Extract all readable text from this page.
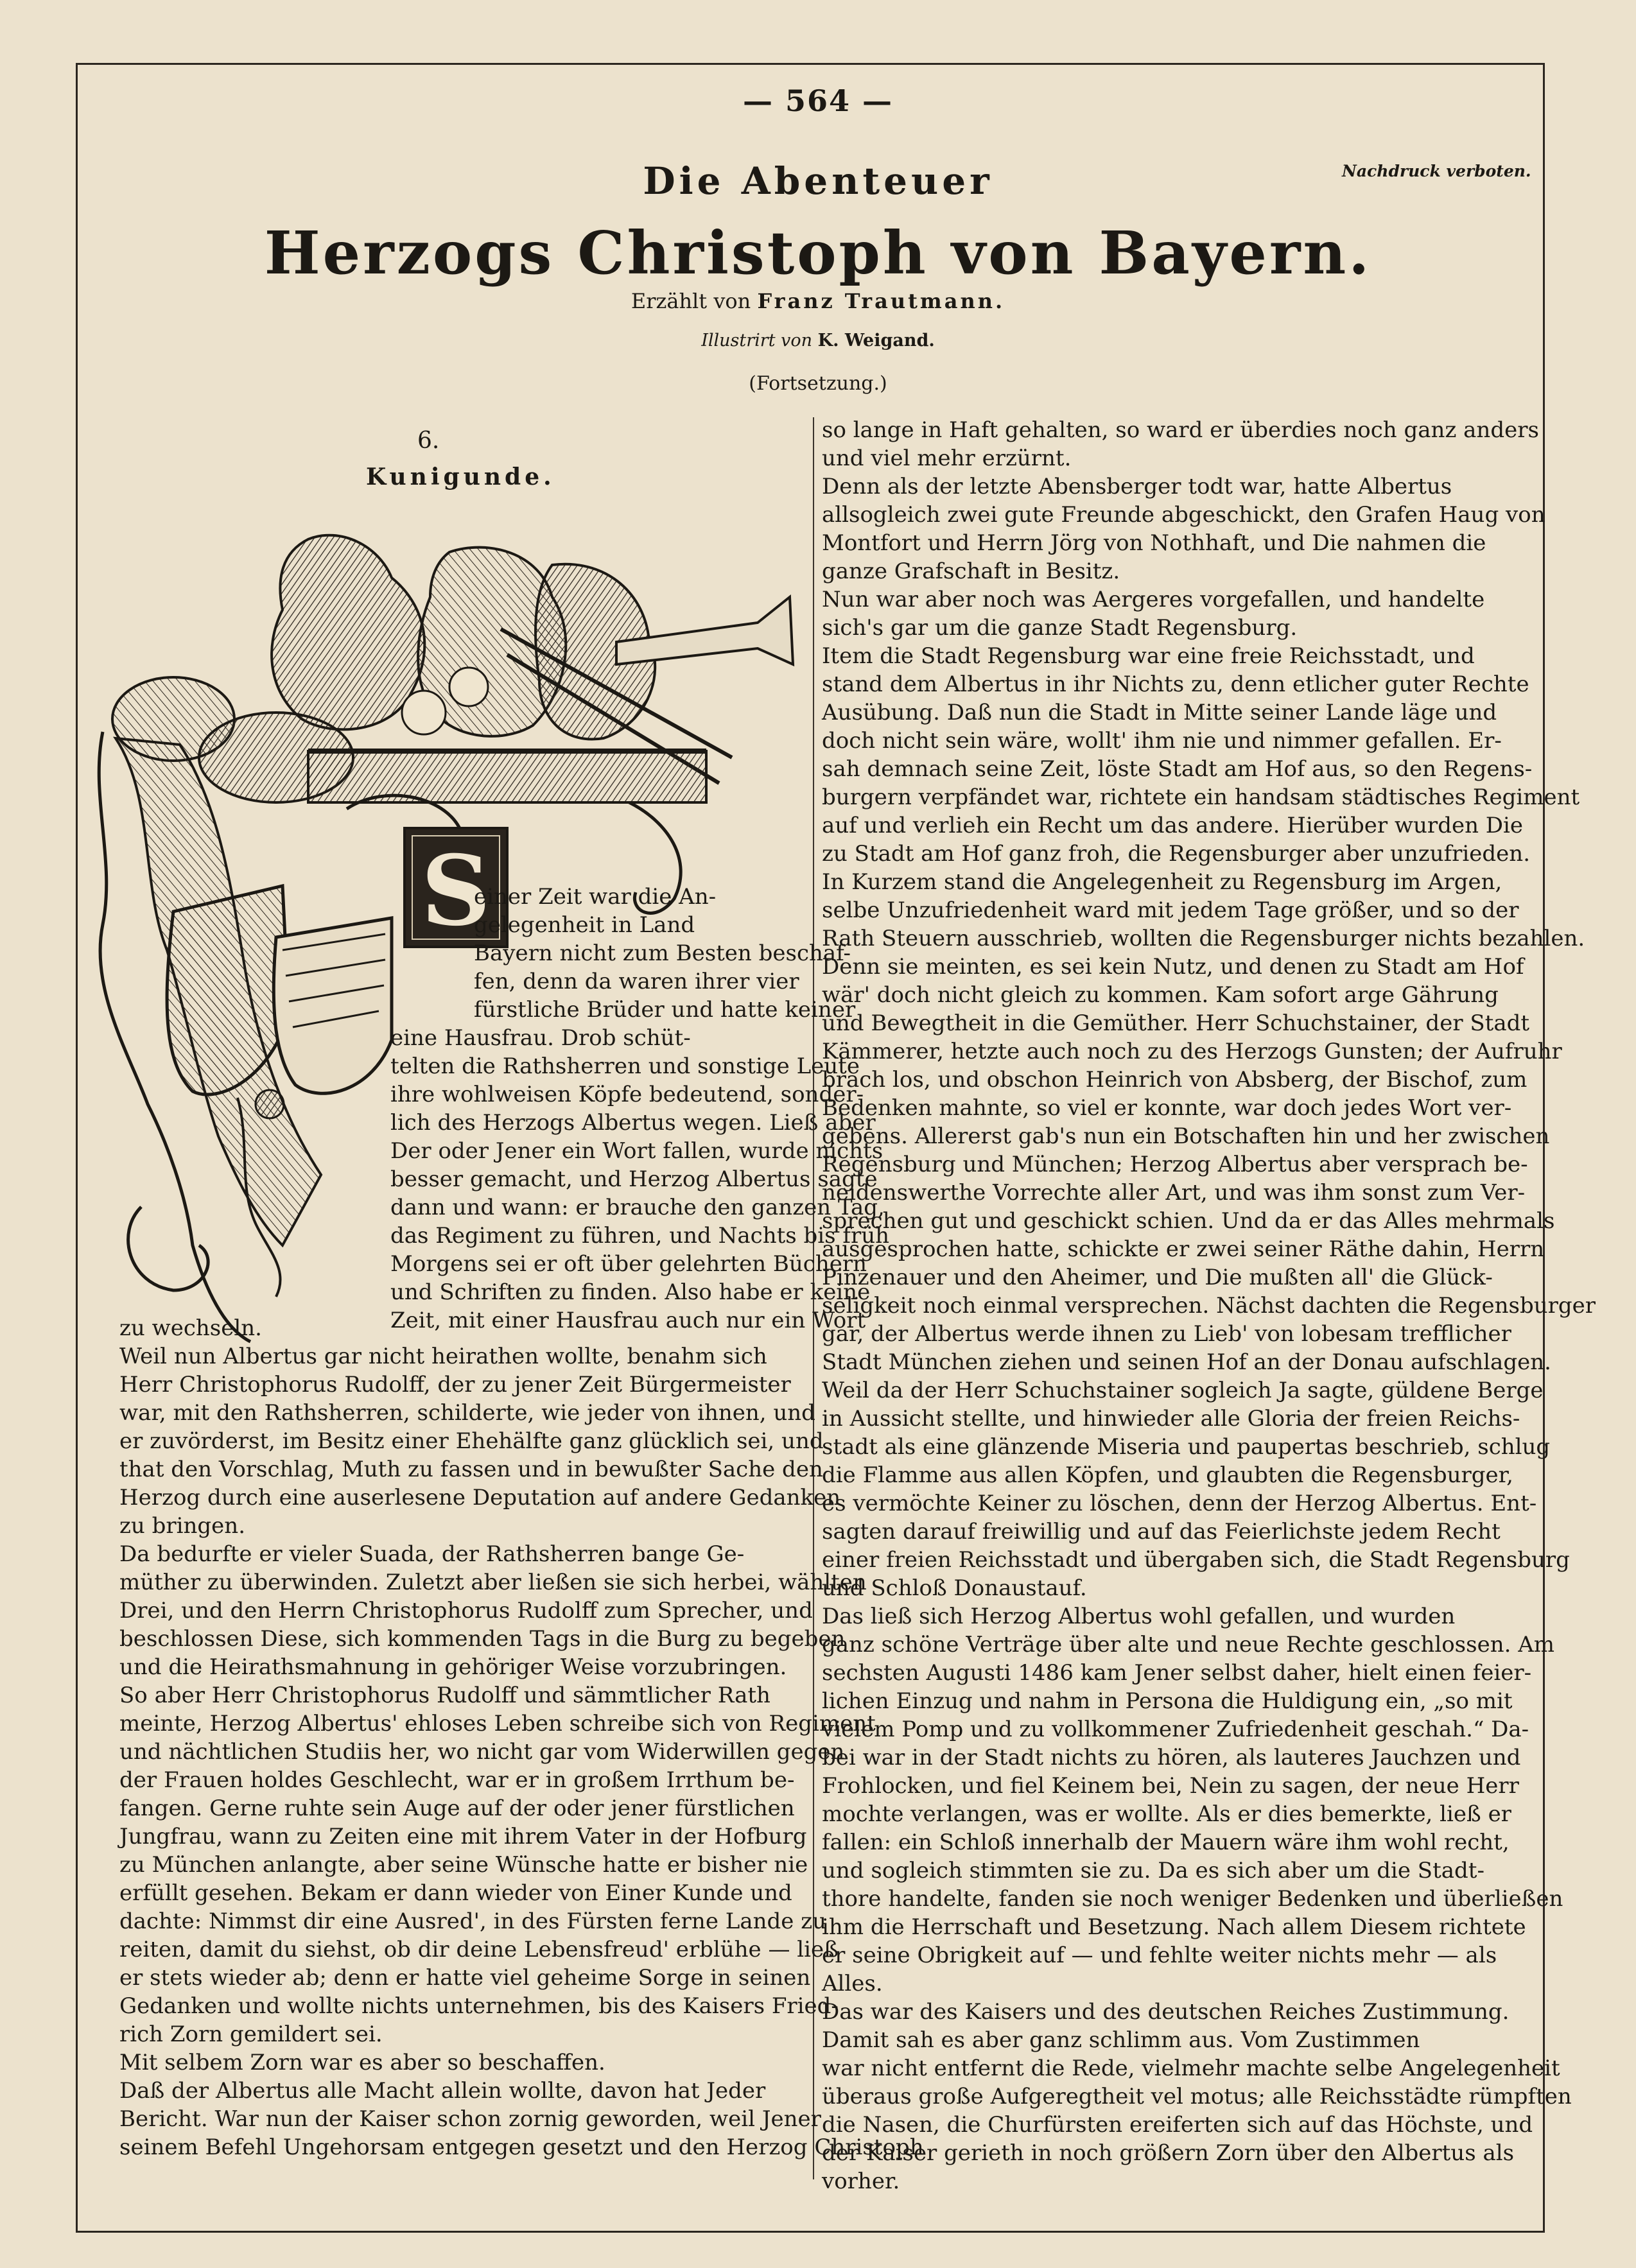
— 564 —
Nachdruck verboten.
Die Abenteuer
Herzogs Christoph von Bayern.
Erzählt von Franz Trautmann.
Illustrirt von K. Weigand.
(Fortsetzung.)
6.
Kunigunde.
S
einer Zeit war die An-
gelegenheit in Land
Bayern nicht zum Besten beschaf-
fen, denn da waren ihrer vier
fürstliche Brüder und hatte keiner
eine Hausfrau. Drob schüt-
telten die Rathsherren und sonstige Leute
ihre wohlweisen Köpfe bedeutend, sonder-
lich des Herzogs Albertus wegen. Ließ aber
Der oder Jener ein Wort fallen, wurde nichts
besser gemacht, und Herzog Albertus sagte
dann und wann: er brauche den ganzen Tag,
das Regiment zu führen, und Nachts bis früh
Morgens sei er oft über gelehrten Büchern
und Schriften zu finden. Also habe er keine
Zeit, mit einer Hausfrau auch nur ein Wort
zu wechseln.
Weil nun Albertus gar nicht heirathen wollte, benahm sich
Herr Christophorus Rudolff, der zu jener Zeit Bürgermeister
war, mit den Rathsherren, schilderte, wie jeder von ihnen, und
er zuvörderst, im Besitz einer Ehehälfte ganz glücklich sei, und
that den Vorschlag, Muth zu fassen und in bewußter Sache den
Herzog durch eine auserlesene Deputation auf andere Gedanken
zu bringen.
Da bedurfte er vieler Suada, der Rathsherren bange Ge-
müther zu überwinden. Zuletzt aber ließen sie sich herbei, wählten
Drei, und den Herrn Christophorus Rudolff zum Sprecher, und
beschlossen Diese, sich kommenden Tags in die Burg zu begeben
und die Heirathsmahnung in gehöriger Weise vorzubringen.
So aber Herr Christophorus Rudolff und sämmtlicher Rath
meinte, Herzog Albertus' ehloses Leben schreibe sich von Regiment
und nächtlichen Studiis her, wo nicht gar vom Widerwillen gegen
der Frauen holdes Geschlecht, war er in großem Irrthum be-
fangen. Gerne ruhte sein Auge auf der oder jener fürstlichen
Jungfrau, wann zu Zeiten eine mit ihrem Vater in der Hofburg
zu München anlangte, aber seine Wünsche hatte er bisher nie
erfüllt gesehen. Bekam er dann wieder von Einer Kunde und
dachte: Nimmst dir eine Ausred', in des Fürsten ferne Lande zu
reiten, damit du siehst, ob dir deine Lebensfreud' erblühe — ließ
er stets wieder ab; denn er hatte viel geheime Sorge in seinen
Gedanken und wollte nichts unternehmen, bis des Kaisers Fried-
rich Zorn gemildert sei.
Mit selbem Zorn war es aber so beschaffen.
Daß der Albertus alle Macht allein wollte, davon hat Jeder
Bericht. War nun der Kaiser schon zornig geworden, weil Jener
seinem Befehl Ungehorsam entgegen gesetzt und den Herzog Christoph
so lange in Haft gehalten, so ward er überdies noch ganz anders
und viel mehr erzürnt.
Denn als der letzte Abensberger todt war, hatte Albertus
allsogleich zwei gute Freunde abgeschickt, den Grafen Haug von
Montfort und Herrn Jörg von Nothhaft, und Die nahmen die
ganze Grafschaft in Besitz.
Nun war aber noch was Aergeres vorgefallen, und handelte
sich's gar um die ganze Stadt Regensburg.
Item die Stadt Regensburg war eine freie Reichsstadt, und
stand dem Albertus in ihr Nichts zu, denn etlicher guter Rechte
Ausübung. Daß nun die Stadt in Mitte seiner Lande läge und
doch nicht sein wäre, wollt' ihm nie und nimmer gefallen. Er-
sah demnach seine Zeit, löste Stadt am Hof aus, so den Regens-
burgern verpfändet war, richtete ein handsam städtisches Regiment
auf und verlieh ein Recht um das andere. Hierüber wurden Die
zu Stadt am Hof ganz froh, die Regensburger aber unzufrieden.
In Kurzem stand die Angelegenheit zu Regensburg im Argen,
selbe Unzufriedenheit ward mit jedem Tage größer, und so der
Rath Steuern ausschrieb, wollten die Regensburger nichts bezahlen.
Denn sie meinten, es sei kein Nutz, und denen zu Stadt am Hof
wär' doch nicht gleich zu kommen. Kam sofort arge Gährung
und Bewegtheit in die Gemüther. Herr Schuchstainer, der Stadt
Kämmerer, hetzte auch noch zu des Herzogs Gunsten; der Aufruhr
brach los, und obschon Heinrich von Absberg, der Bischof, zum
Bedenken mahnte, so viel er konnte, war doch jedes Wort ver-
gebens. Allererst gab's nun ein Botschaften hin und her zwischen
Regensburg und München; Herzog Albertus aber versprach be-
neidenswerthe Vorrechte aller Art, und was ihm sonst zum Ver-
sprechen gut und geschickt schien. Und da er das Alles mehrmals
ausgesprochen hatte, schickte er zwei seiner Räthe dahin, Herrn
Pinzenauer und den Aheimer, und Die mußten all' die Glück-
seligkeit noch einmal versprechen. Nächst dachten die Regensburger
gar, der Albertus werde ihnen zu Lieb' von lobesam trefflicher
Stadt München ziehen und seinen Hof an der Donau aufschlagen.
Weil da der Herr Schuchstainer sogleich Ja sagte, güldene Berge
in Aussicht stellte, und hinwieder alle Gloria der freien Reichs-
stadt als eine glänzende Miseria und paupertas beschrieb, schlug
die Flamme aus allen Köpfen, und glaubten die Regensburger,
es vermöchte Keiner zu löschen, denn der Herzog Albertus. Ent-
sagten darauf freiwillig und auf das Feierlichste jedem Recht
einer freien Reichsstadt und übergaben sich, die Stadt Regensburg
und Schloß Donaustauf.
Das ließ sich Herzog Albertus wohl gefallen, und wurden
ganz schöne Verträge über alte und neue Rechte geschlossen. Am
sechsten Augusti 1486 kam Jener selbst daher, hielt einen feier-
lichen Einzug und nahm in Persona die Huldigung ein, „so mit
vielem Pomp und zu vollkommener Zufriedenheit geschah.“ Da-
bei war in der Stadt nichts zu hören, als lauteres Jauchzen und
Frohlocken, und fiel Keinem bei, Nein zu sagen, der neue Herr
mochte verlangen, was er wollte. Als er dies bemerkte, ließ er
fallen: ein Schloß innerhalb der Mauern wäre ihm wohl recht,
und sogleich stimmten sie zu. Da es sich aber um die Stadt-
thore handelte, fanden sie noch weniger Bedenken und überließen
ihm die Herrschaft und Besetzung. Nach allem Diesem richtete
er seine Obrigkeit auf — und fehlte weiter nichts mehr — als
Alles.
Das war des Kaisers und des deutschen Reiches Zustimmung.
Damit sah es aber ganz schlimm aus. Vom Zustimmen
war nicht entfernt die Rede, vielmehr machte selbe Angelegenheit
überaus große Aufgeregtheit vel motus; alle Reichsstädte rümpften
die Nasen, die Churfürsten ereiferten sich auf das Höchste, und
der Kaiser gerieth in noch größern Zorn über den Albertus als
vorher.
